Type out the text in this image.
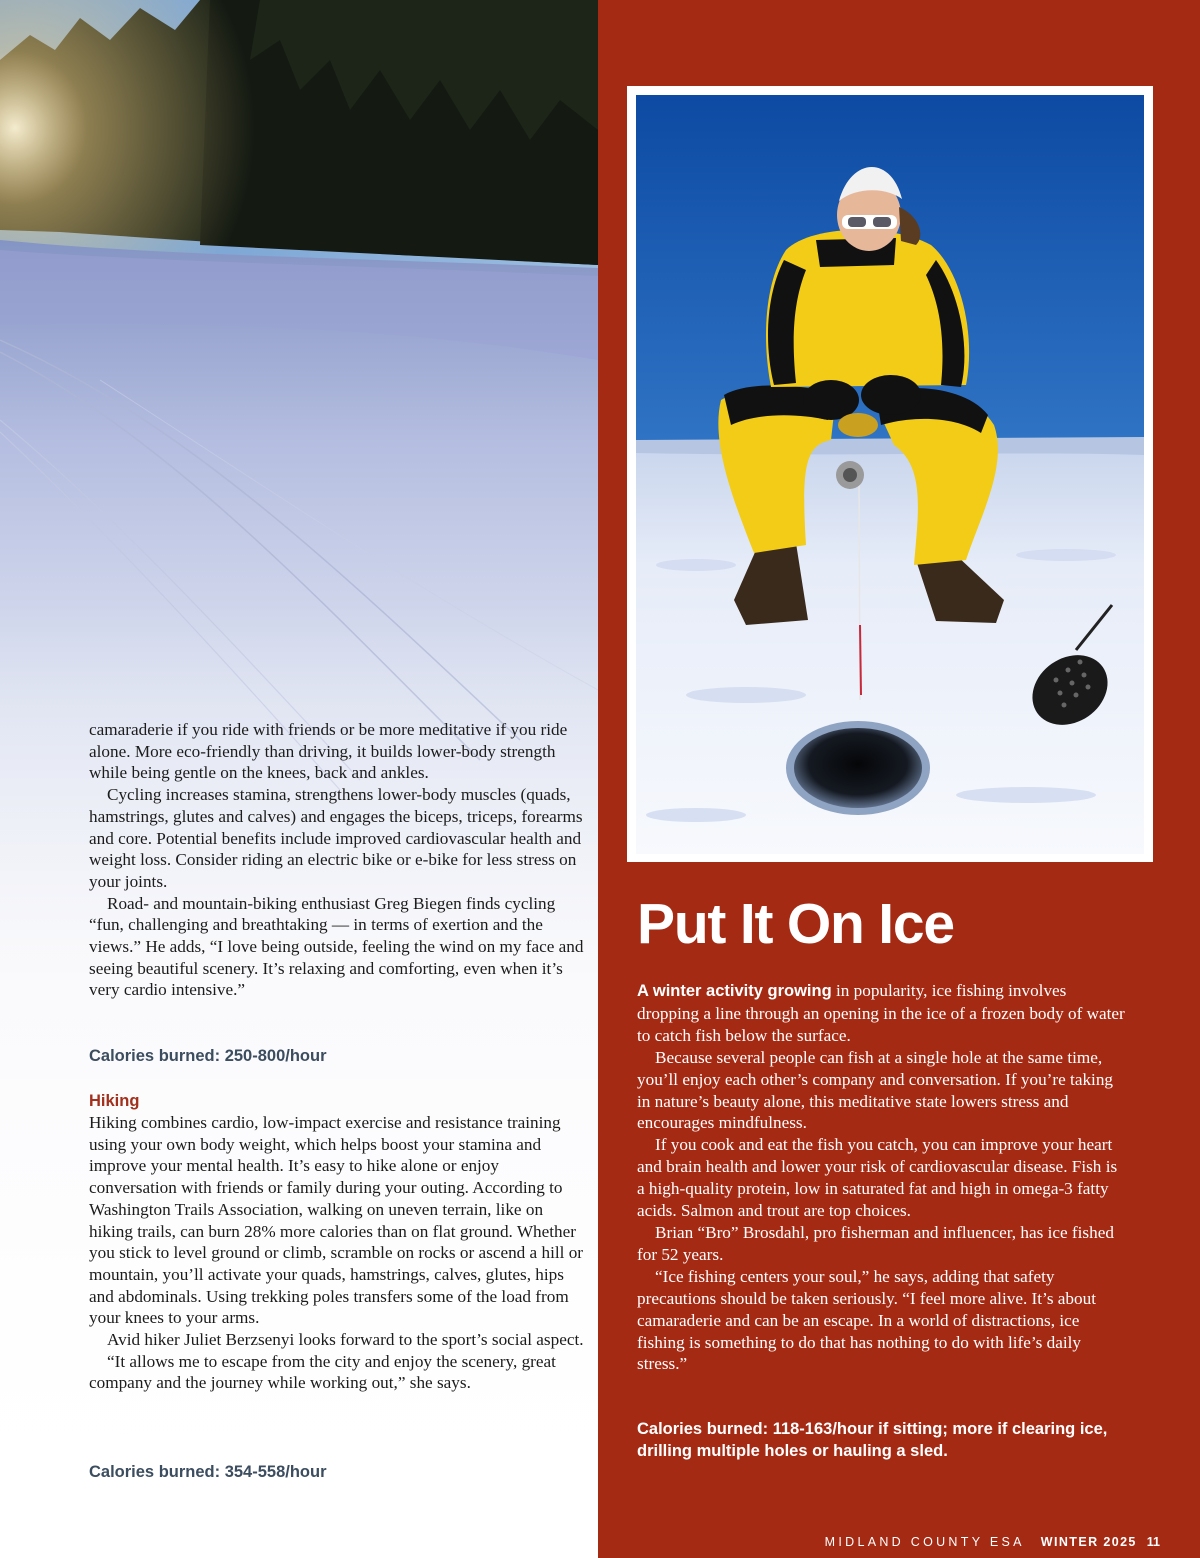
camaraderie if you ride with friends or be more meditative if you ride alone. More eco-friendly than driving, it builds lower-body strength while being gentle on the knees, back and ankles.

Cycling increases stamina, strengthens lower-body muscles (quads, hamstrings, glutes and calves) and engages the biceps, triceps, forearms and core. Potential benefits include improved cardiovascular health and weight loss. Consider riding an electric bike or e-bike for less stress on your joints.

Road- and mountain-biking enthusiast Greg Biegen finds cycling “fun, challenging and breathtaking — in terms of exertion and the views.” He adds, “I love being outside, feeling the wind on my face and seeing beautiful scenery. It’s relaxing and comforting, even when it’s very cardio intensive.”

Calories burned: 250-800/hour
Hiking

Hiking combines cardio, low-impact exercise and resistance training using your own body weight, which helps boost your stamina and improve your mental health. It’s easy to hike alone or enjoy conversation with friends or family during your outing. According to Washington Trails Association, walking on uneven terrain, like on hiking trails, can burn 28% more calories than on flat ground. Whether you stick to level ground or climb, scramble on rocks or ascend a hill or mountain, you’ll activate your quads, hamstrings, calves, glutes, hips and abdominals. Using trekking poles transfers some of the load from your knees to your arms.

Avid hiker Juliet Berzsenyi looks forward to the sport’s social aspect.

“It allows me to escape from the city and enjoy the scenery, great company and the journey while working out,” she says.

Calories burned: 354-558/hour
Put It On Ice

A winter activity growing in popularity, ice fishing involves dropping a line through an opening in the ice of a frozen body of water to catch fish below the surface.

Because several people can fish at a single hole at the same time, you’ll enjoy each other’s company and conversation. If you’re taking in nature’s beauty alone, this meditative state lowers stress and encourages mindfulness.

If you cook and eat the fish you catch, you can improve your heart and brain health and lower your risk of cardiovascular disease. Fish is a high-quality protein, low in saturated fat and high in omega-3 fatty acids. Salmon and trout are top choices.

Brian “Bro” Brosdahl, pro fisherman and influencer, has ice fished for 52 years.

“Ice fishing centers your soul,” he says, adding that safety precautions should be taken seriously. “I feel more alive. It’s about camaraderie and can be an escape. In a world of distractions, ice fishing is something to do that has nothing to do with life’s daily stress.”

Calories burned: 118-163/hour if sitting; more if clearing ice, drilling multiple holes or hauling a sled.
MIDLAND COUNTY ESA WINTER 2025 11
